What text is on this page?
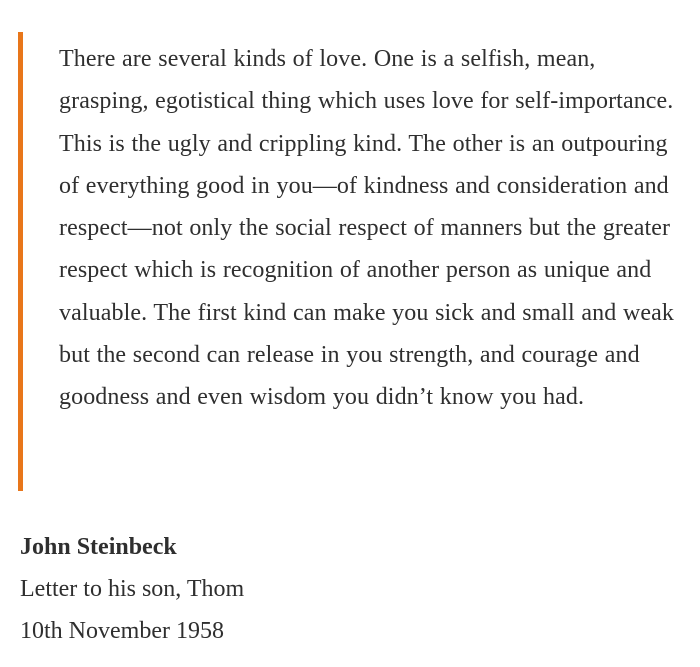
There are several kinds of love. One is a selfish, mean, grasping, egotistical thing which uses love for self-importance. This is the ugly and crippling kind. The other is an outpouring of everything good in you—of kindness and consideration and respect—not only the social respect of manners but the greater respect which is recognition of another person as unique and valuable. The first kind can make you sick and small and weak but the second can release in you strength, and courage and goodness and even wisdom you didn’t know you had.

John Steinbeck
Letter to his son, Thom
10th November 1958
